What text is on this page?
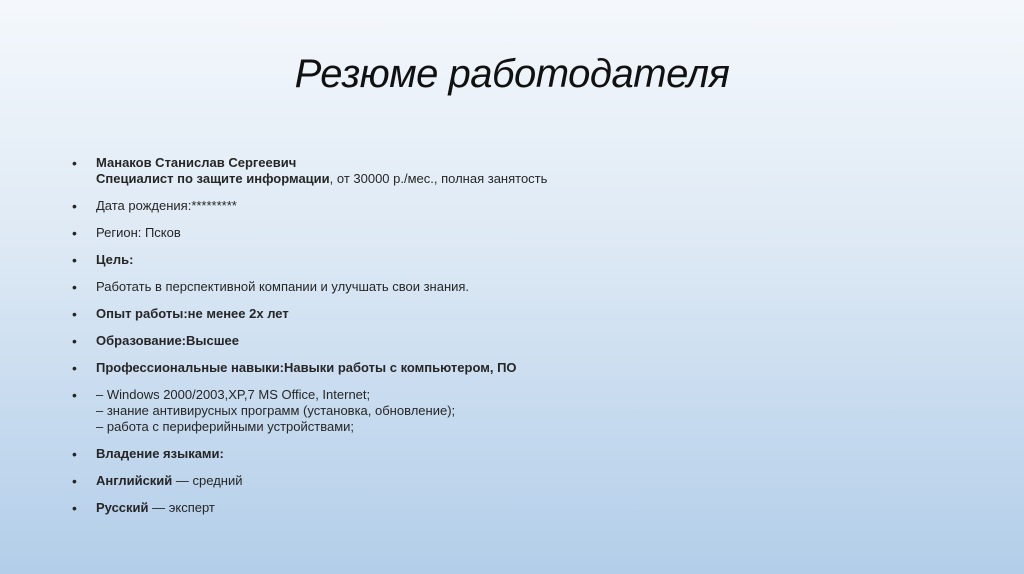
Резюме работодателя
• Манаков Станислав Сергеевич
Специалист по защите информации, от 30000 р./мес., полная занятость
• Дата рождения:*********
• Регион: Псков
• Цель:
• Работать в перспективной компании и улучшать свои знания.
• Опыт работы:не менее 2х лет
• Образование:Высшее
• Профессиональные навыки:Навыки работы с компьютером, ПО
• – Windows 2000/2003,XP,7 MS Office, Internet;
– знание антивирусных программ (установка, обновление);
– работа с периферийными устройствами;
• Владение языками:
• Английский — средний
• Русский — эксперт
